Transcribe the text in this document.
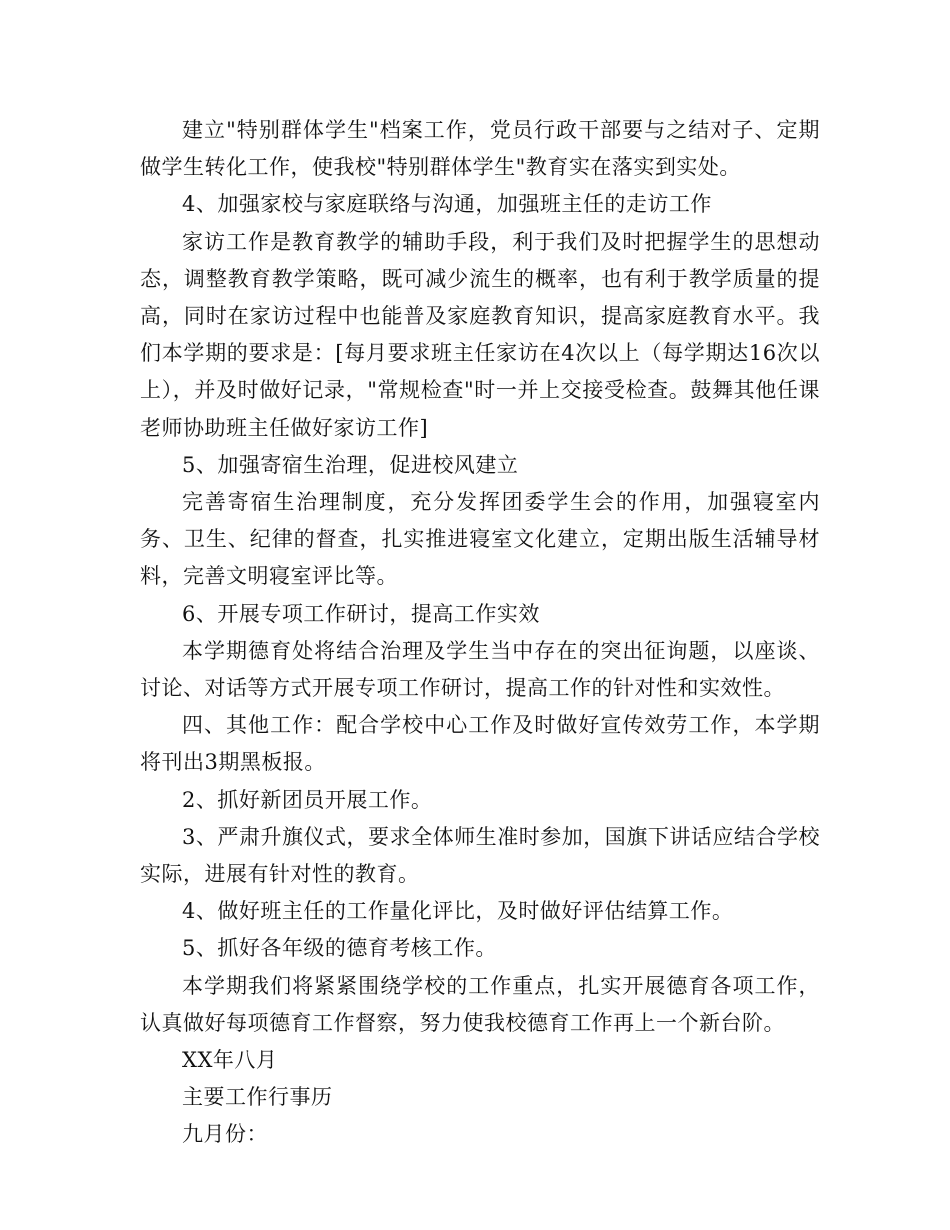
建立"特别群体学生"档案工作，党员行政干部要与之结对子、定期做学生转化工作，使我校"特别群体学生"教育实在落实到实处。

4、加强家校与家庭联络与沟通，加强班主任的走访工作

家访工作是教育教学的辅助手段，利于我们及时把握学生的思想动态，调整教育教学策略，既可减少流生的概率，也有利于教学质量的提高，同时在家访过程中也能普及家庭教育知识，提高家庭教育水平。我们本学期的要求是：[每月要求班主任家访在4次以上（每学期达16次以上），并及时做好记录，"常规检查"时一并上交接受检查。鼓舞其他任课老师协助班主任做好家访工作]

5、加强寄宿生治理，促进校风建立

完善寄宿生治理制度，充分发挥团委学生会的作用，加强寝室内务、卫生、纪律的督查，扎实推进寝室文化建立，定期出版生活辅导材料，完善文明寝室评比等。

6、开展专项工作研讨，提高工作实效

本学期德育处将结合治理及学生当中存在的突出征询题，以座谈、讨论、对话等方式开展专项工作研讨，提高工作的针对性和实效性。

四、其他工作：配合学校中心工作及时做好宣传效劳工作，本学期将刊出3期黑板报。

2、抓好新团员开展工作。

3、严肃升旗仪式，要求全体师生准时参加，国旗下讲话应结合学校实际，进展有针对性的教育。

4、做好班主任的工作量化评比，及时做好评估结算工作。

5、抓好各年级的德育考核工作。

本学期我们将紧紧围绕学校的工作重点，扎实开展德育各项工作，认真做好每项德育工作督察，努力使我校德育工作再上一个新台阶。

XX年八月

主要工作行事历

九月份：
